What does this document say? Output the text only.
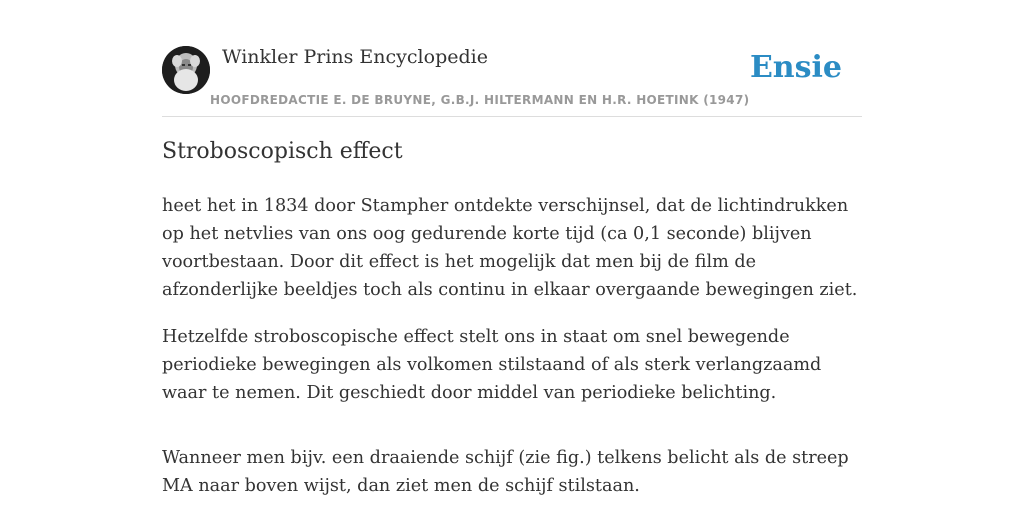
Winkler Prins Encyclopedie
HOOFDREDACTIE E. DE BRUYNE, G.B.J. HILTERMANN EN H.R. HOETINK (1947)
Ensie
Stroboscopisch effect

heet het in 1834 door Stampher ontdekte verschijnsel, dat de lichtindrukken op het netvlies van ons oog gedurende korte tijd (ca 0,1 seconde) blijven voortbestaan. Door dit effect is het mogelijk dat men bij de film de afzonderlijke beeldjes toch als continu in elkaar overgaande bewegingen ziet.

Hetzelfde stroboscopische effect stelt ons in staat om snel bewegende periodieke bewegingen als volkomen stilstaand of als sterk verlangzaamd waar te nemen. Dit geschiedt door middel van periodieke belichting.

Wanneer men bijv. een draaiende schijf (zie fig.) telkens belicht als de streep MA naar boven wijst, dan ziet men de schijf stilstaan.
